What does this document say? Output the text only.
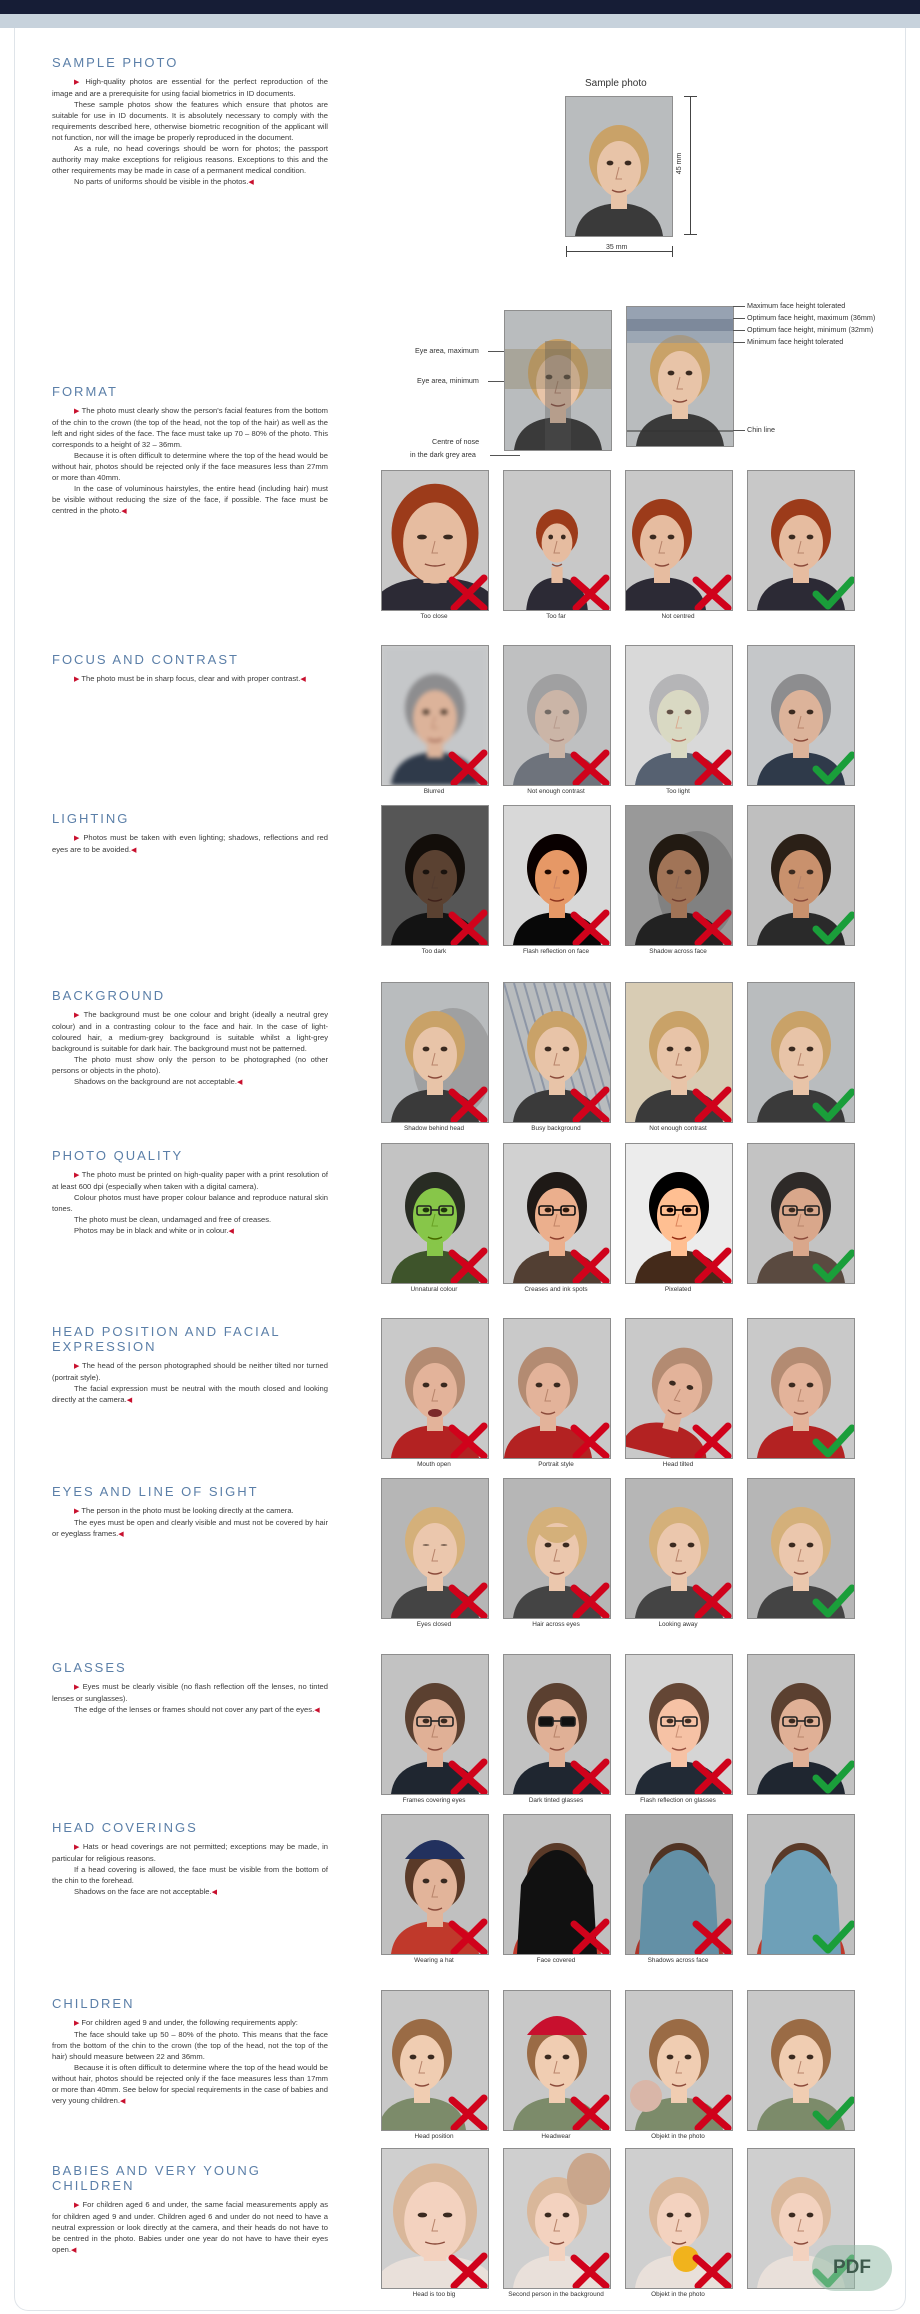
SAMPLE PHOTO

▶ High-quality photos are essential for the perfect reproduction of the image and are a prerequisite for using facial biometrics in ID documents.

These sample photos show the features which ensure that photos are suitable for use in ID documents. It is absolutely necessary to comply with the requirements described here, otherwise biometric recognition of the applicant will not function, nor will the image be properly reproduced in the document.

As a rule, no head coverings should be worn for photos; the passport authority may make exceptions for religious reasons. Exceptions to this and the other requirements may be made in case of a permanent medical condition.

No parts of uniforms should be visible in the photos.◀

FORMAT

▶ The photo must clearly show the person's facial features from the bottom of the chin to the crown (the top of the head, not the top of the hair) as well as the left and right sides of the face. The face must take up 70 – 80% of the photo. This corresponds to a height of 32 – 36mm.

Because it is often difficult to determine where the top of the head would be without hair, photos should be rejected only if the face measures less than 27mm or more than 40mm.

In the case of voluminous hairstyles, the entire head (including hair) must be visible without reducing the size of the face, if possible. The face must be centred in the photo.◀

FOCUS AND CONTRAST

▶ The photo must be in sharp focus, clear and with proper contrast.◀

LIGHTING

▶ Photos must be taken with even lighting; shadows, reflections and red eyes are to be avoided.◀

BACKGROUND

▶ The background must be one colour and bright (ideally a neutral grey colour) and in a contrasting colour to the face and hair. In the case of light-coloured hair, a medium-grey background is suitable whilst a light-grey background is suitable for dark hair. The background must not be patterned.

The photo must show only the person to be photographed (no other persons or objects in the photo).

Shadows on the background are not acceptable.◀

PHOTO QUALITY

▶ The photo must be printed on high-quality paper with a print resolution of at least 600 dpi (especially when taken with a digital camera).

Colour photos must have proper colour balance and reproduce natural skin tones.

The photo must be clean, undamaged and free of creases.

Photos may be in black and white or in colour.◀

HEAD POSITION AND FACIAL EXPRESSION

▶ The head of the person photographed should be neither tilted nor turned (portrait style).

The facial expression must be neutral with the mouth closed and looking directly at the camera.◀

EYES AND LINE OF SIGHT

▶ The person in the photo must be looking directly at the camera.

The eyes must be open and clearly visible and must not be covered by hair or eyeglass frames.◀

GLASSES

▶ Eyes must be clearly visible (no flash reflection off the lenses, no tinted lenses or sunglasses).

The edge of the lenses or frames should not cover any part of the eyes.◀

HEAD COVERINGS

▶ Hats or head coverings are not permitted; exceptions may be made, in particular for religious reasons.

If a head covering is allowed, the face must be visible from the bottom of the chin to the forehead.

Shadows on the face are not acceptable.◀

CHILDREN

▶ For children aged 9 and under, the following requirements apply:

The face should take up 50 – 80% of the photo. This means that the face from the bottom of the chin to the crown (the top of the head, not the top of the hair) should measure between 22 and 36mm.

Because it is often difficult to determine where the top of the head would be without hair, photos should be rejected only if the face measures less than 17mm or more than 40mm. See below for special requirements in the case of babies and very young children.◀

BABIES AND VERY YOUNG CHILDREN

▶ For children aged 6 and under, the same facial measurements apply as for children aged 9 and under. Children aged 6 and under do not need to have a neutral expression or look directly at the camera, and their heads do not have to be centred in the photo. Babies under one year do not have to have their eyes open.◀

Sample photo
45 mm
35 mm
Eye area, maximum
Eye area, minimum
Centre of nose
in the dark grey area
Maximum face height tolerated
Optimum face height, maximum (36mm)
Optimum face height, minimum (32mm)
Minimum face height tolerated
Chin line
Too close	Too far	Not centred
Blurred	Not enough contrast	Too light
Too dark	Flash reflection on face	Shadow across face
Shadow behind head	Busy background	Not enough contrast
Unnatural colour	Creases and ink spots	Pixelated
Mouth open	Portrait style	Head tilted
Eyes closed	Hair across eyes	Looking away
Frames covering eyes	Dark tinted glasses	Flash reflection on glasses
Wearing a hat	Face covered	Shadows across face
Head position	Headwear	Objekt in the photo
Head is too big	Second person in the background	Objekt in the photo
PDF
